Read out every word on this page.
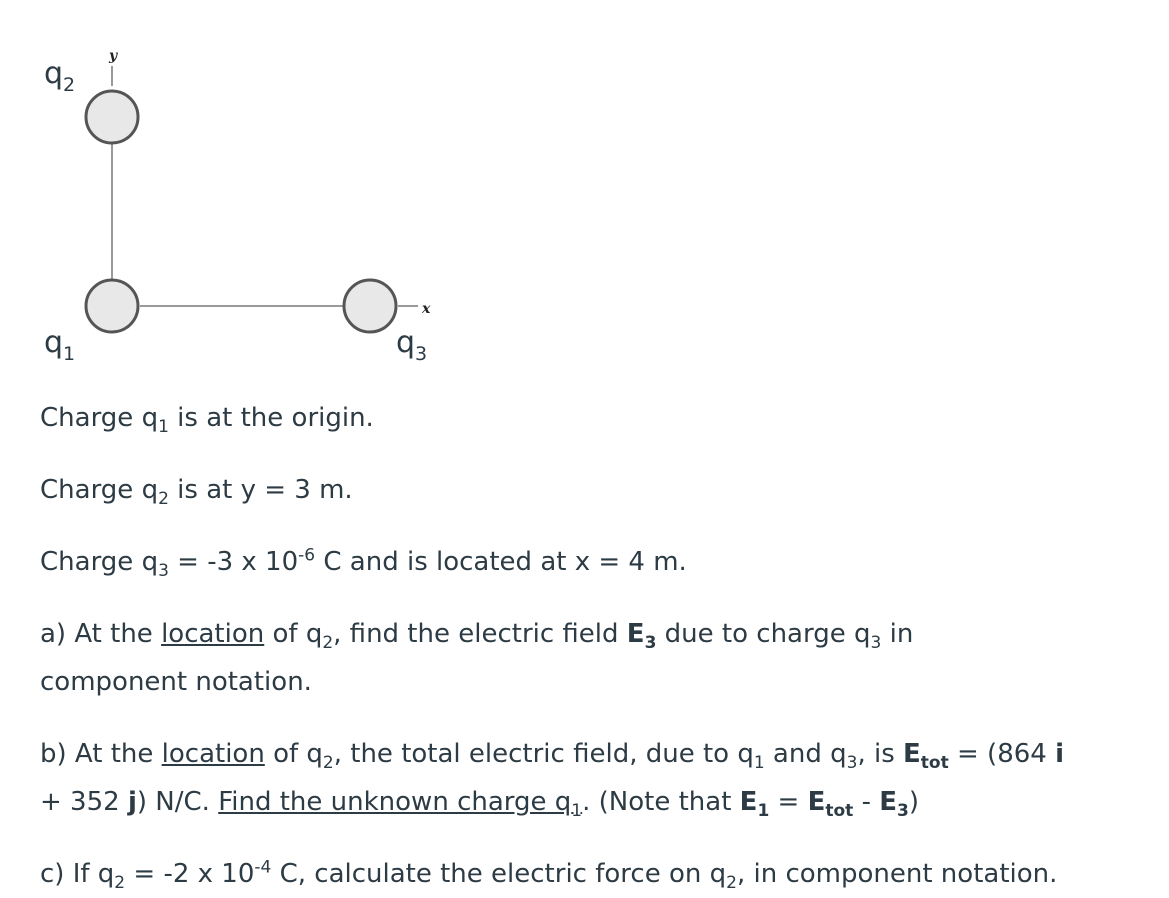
$q_2$
$q_1$	$q_3$
y
x
Charge $q_1$ is at the origin.
Charge $q_2$ is at y = 3 m.
Charge $q_3 = -3$ x $10^{-6}$ C and is located at x = 4 m.
a) At the location of $q_2$, find the electric field $E_3$ due to charge $q_3$ in
component notation.
b) At the location of $q_2$, the total electric field, due to $q_1$ and $q_3$, is $E_{tot} = (864$ i
+ 352 j) N/C. Find the unknown charge $q_1$. (Note that $E_1 = E_{tot} - E_3$)
c) If $q_2 = -2$ x $10^{-4}$ C, calculate the electric force on $q_2$, in component notation.
